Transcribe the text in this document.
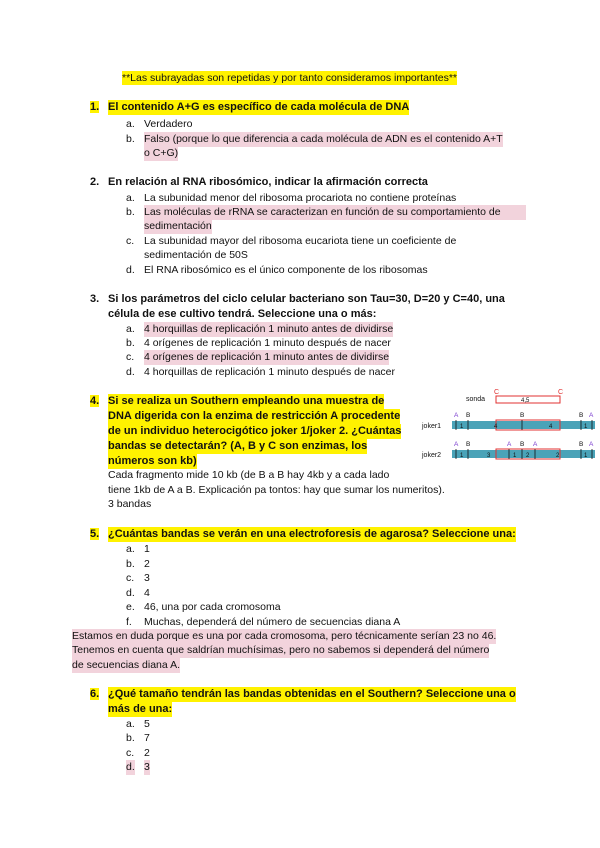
**Las subrayadas son repetidas y por tanto consideramos importantes**
1. El contenido A+G es específico de cada molécula de DNA
a. Verdadero
b. Falso (porque lo que diferencia a cada molécula de ADN es el contenido A+T
o C+G)
2. En relación al RNA ribosómico, indicar la afirmación correcta
a. La subunidad menor del ribosoma procariota no contiene proteínas
b. Las moléculas de rRNA se caracterizan en función de su comportamiento de
sedimentación
c. La subunidad mayor del ribosoma eucariota tiene un coeficiente de
sedimentación de 50S
d. El RNA ribosómico es el único componente de los ribosomas
3. Si los parámetros del ciclo celular bacteriano son Tau=30, D=20 y C=40, una
célula de ese cultivo tendrá. Seleccione una o más:
a. 4 horquillas de replicación 1 minuto antes de dividirse
b. 4 orígenes de replicación 1 minuto después de nacer
c. 4 orígenes de replicación 1 minuto antes de dividirse
d. 4 horquillas de replicación 1 minuto después de nacer
4. Si se realiza un Southern empleando una muestra de
DNA digerida con la enzima de restricción A procedente
de un individuo heterocigótico joker 1/joker 2. ¿Cuántas
bandas se detectarán? (A, B y C son enzimas, los
números son kb)
Cada fragmento mide 10 kb (de B a B hay 4kb y a cada lado
tiene 1kb de A a B. Explicación pa tontos: hay que sumar los numeritos).
3 bandas
sonda
C	C
4,5
joker1
A B	B	B A
1	4	4	1
joker2
A B	A B A	B A
1	3	1 2	2	1
5. ¿Cuántas bandas se verán en una electroforesis de agarosa? Seleccione una:
a. 1
b. 2
c. 3
d. 4
e. 46, una por cada cromosoma
f. Muchas, dependerá del número de secuencias diana A
Estamos en duda porque es una por cada cromosoma, pero técnicamente serían 23 no 46.
Tenemos en cuenta que saldrían muchísimas, pero no sabemos si dependerá del número
de secuencias diana A.
6. ¿Qué tamaño tendrán las bandas obtenidas en el Southern? Seleccione una o
más de una:
a. 5
b. 7
c. 2
d. 3
